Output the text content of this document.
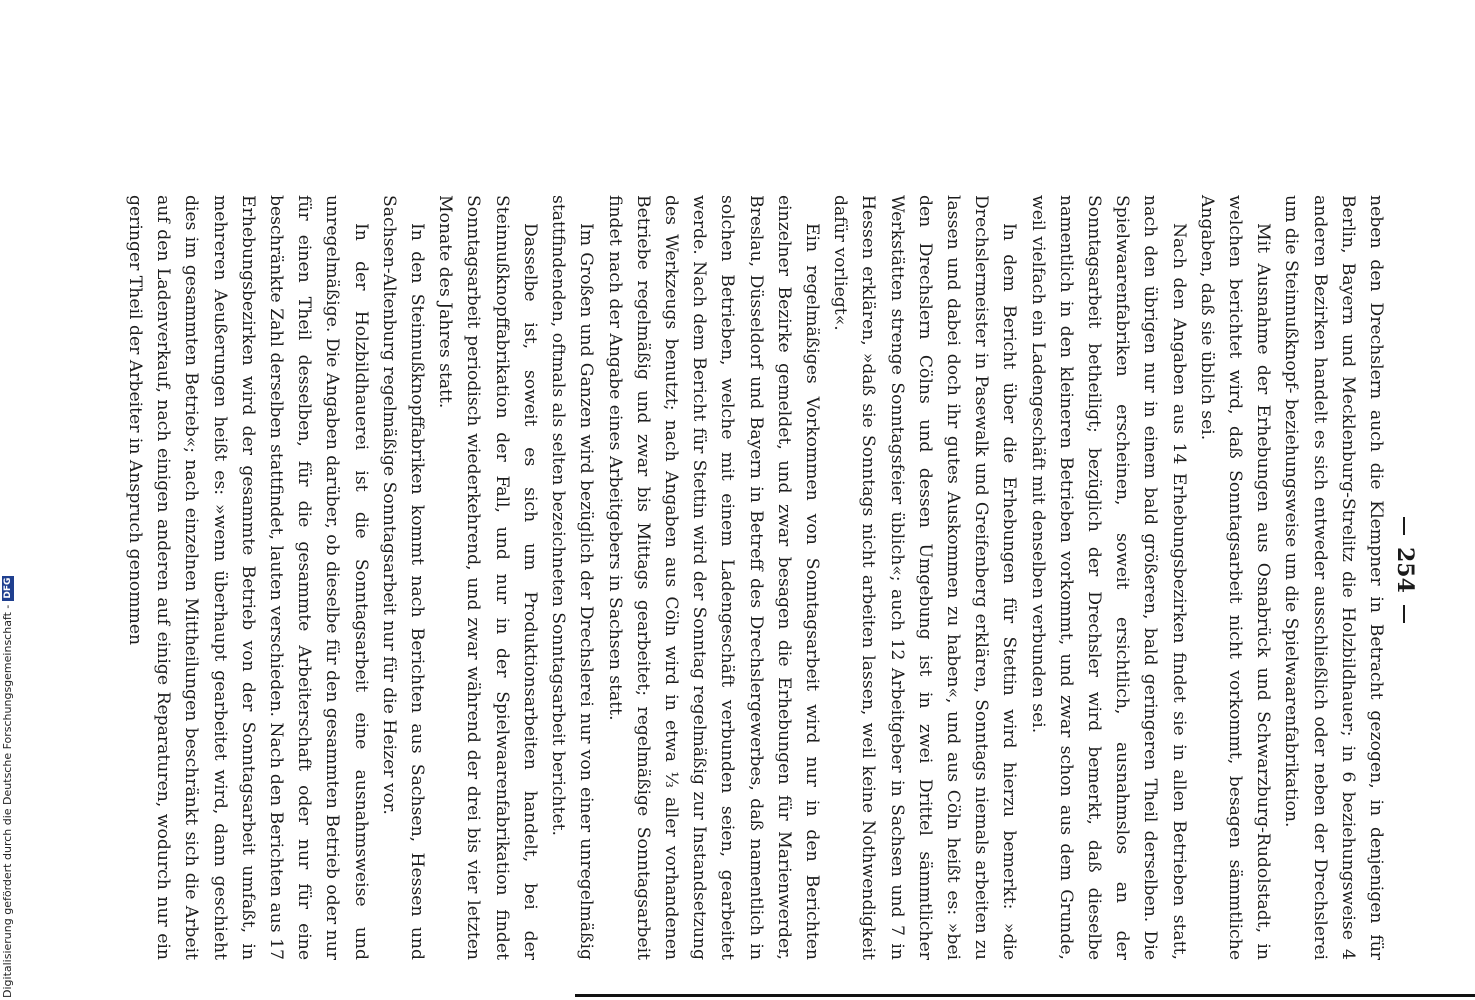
254

neben den Drechslern auch die Klempner in Betracht gezogen, in denjenigen für Berlin, Bayern und Mecklenburg-Strelitz die Holzbildhauer; in 6 beziehungsweise 4 anderen Bezirken handelt es sich entweder ausschließlich oder neben der Drechslerei um die Steinnußknopf- beziehungsweise um die Spielwaarenfabrikation.

Mit Ausnahme der Erhebungen aus Osnabrück und Schwarzburg-Rudolstadt, in welchen berichtet wird, daß Sonntagsarbeit nicht vorkommt, besagen sämmtliche Angaben, daß sie üblich sei.

Nach den Angaben aus 14 Erhebungsbezirken findet sie in allen Betrieben statt, nach den übrigen nur in einem bald größeren, bald geringeren Theil derselben. Die Spielwaarenfabriken erscheinen, soweit ersichtlich, ausnahmslos an der Sonntagsarbeit betheiligt; bezüglich der Drechsler wird bemerkt, daß dieselbe namentlich in den kleineren Betrieben vorkommt, und zwar schon aus dem Grunde, weil vielfach ein Ladengeschäft mit denselben verbunden sei.

In dem Bericht über die Erhebungen für Stettin wird hierzu bemerkt: »die Drechslermeister in Pasewalk und Greifenberg erklären, Sonntags niemals arbeiten zu lassen und dabei doch ihr gutes Auskommen zu haben«, und aus Cöln heißt es: »bei den Drechslern Cölns und dessen Umgebung ist in zwei Drittel sämmtlicher Werkstätten strenge Sonntagsfeier üblich«; auch 12 Arbeitgeber in Sachsen und 7 in Hessen erklären, »daß sie Sonntags nicht arbeiten lassen, weil keine Nothwendigkeit dafür vorliegt«.

Ein regelmäßiges Vorkommen von Sonntagsarbeit wird nur in den Berichten einzelner Bezirke gemeldet, und zwar besagen die Erhebungen für Marienwerder, Breslau, Düsseldorf und Bayern in Betreff des Drechslergewerbes, daß namentlich in solchen Betrieben, welche mit einem Ladengeschäft verbunden seien, gearbeitet werde. Nach dem Bericht für Stettin wird der Sonntag regelmäßig zur Instandsetzung des Werkzeugs benutzt; nach Angaben aus Cöln wird in etwa ⅓ aller vorhandenen Betriebe regelmäßig und zwar bis Mittags gearbeitet; regelmäßige Sonntagsarbeit findet nach der Angabe eines Arbeitgebers in Sachsen statt.

Im Großen und Ganzen wird bezüglich der Drechslerei nur von einer unregelmäßig stattfindenden, oftmals als selten bezeichneten Sonntagsarbeit berichtet.

Dasselbe ist, soweit es sich um Produktionsarbeiten handelt, bei der Steinnußknopffabrikation der Fall, und nur in der Spielwaarenfabrikation findet Sonntagsarbeit periodisch wiederkehrend, und zwar während der drei bis vier letzten Monate des Jahres statt.

In den Steinnußknopffabriken kommt nach Berichten aus Sachsen, Hessen und Sachsen-Altenburg regelmäßige Sonntagsarbeit nur für die Heizer vor.

In der Holzbildhauerei ist die Sonntagsarbeit eine ausnahmsweise und unregelmäßige. Die Angaben darüber, ob dieselbe für den gesammten Betrieb oder nur für einen Theil desselben, für die gesammte Arbeiterschaft oder nur für eine beschränkte Zahl derselben stattfindet, lauten verschieden. Nach den Berichten aus 17 Erhebungsbezirken wird der gesammte Betrieb von der Sonntagsarbeit umfaßt, in mehreren Aeußerungen heißt es: »wenn überhaupt gearbeitet wird, dann geschieht dies im gesammten Betrieb«; nach einzelnen Mittheilungen beschränkt sich die Arbeit auf den Ladenverkauf, nach einigen anderen auf einige Reparaturen, wodurch nur ein geringer Theil der Arbeiter in Anspruch genommen

Digitalisierung gefördert durch die Deutsche Forschungsgemeinschaft -DFG
